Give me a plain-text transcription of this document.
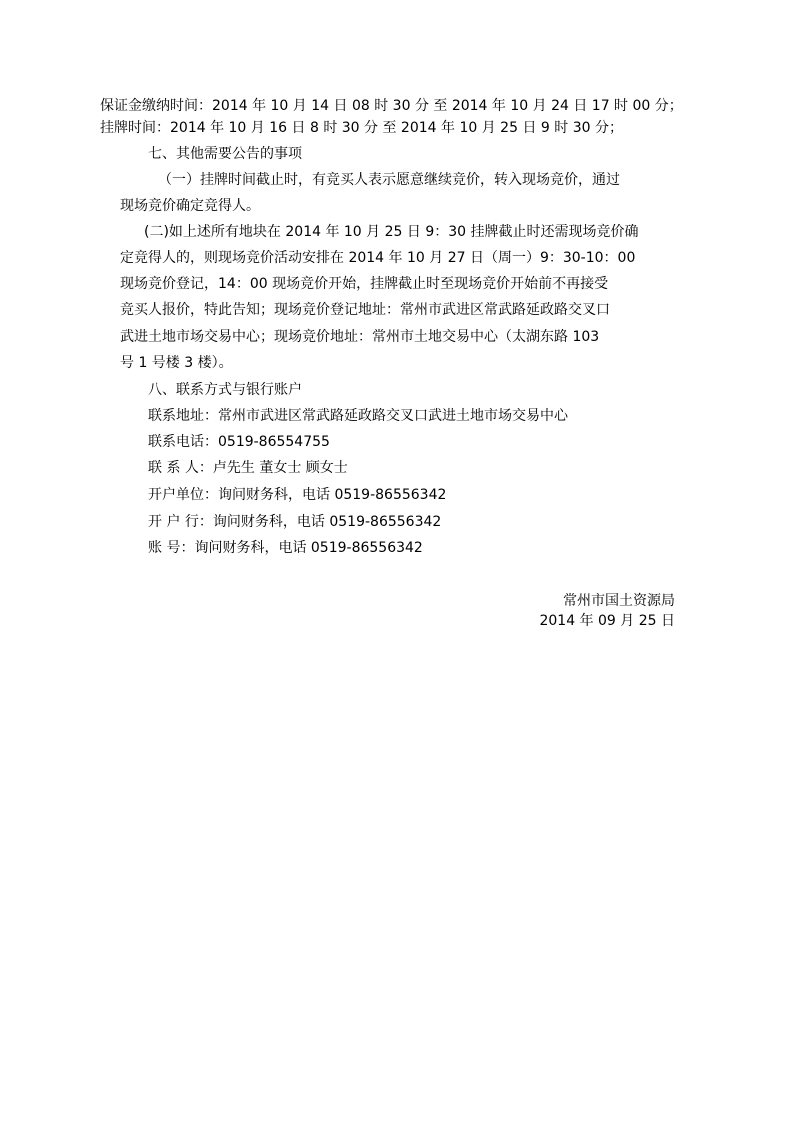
保证金缴纳时间：2014 年 10 月 14 日 08 时 30 分 至 2014 年 10 月 24 日 17 时 00 分；
挂牌时间：2014 年 10 月 16 日 8 时 30 分 至 2014 年 10 月 25 日 9 时 30 分；
七、其他需要公告的事项
（一）挂牌时间截止时，有竞买人表示愿意继续竞价，转入现场竞价，通过
现场竞价确定竞得人。
(二)如上述所有地块在 2014 年 10 月 25 日 9：30 挂牌截止时还需现场竞价确
定竞得人的，则现场竞价活动安排在 2014 年 10 月 27 日（周一）9：30-10：00
现场竞价登记，14：00 现场竞价开始，挂牌截止时至现场竞价开始前不再接受
竞买人报价，特此告知；现场竞价登记地址：常州市武进区常武路延政路交叉口
武进土地市场交易中心；现场竞价地址：常州市土地交易中心（太湖东路 103
号 1 号楼 3 楼）。
八、联系方式与银行账户
联系地址：常州市武进区常武路延政路交叉口武进土地市场交易中心
联系电话：0519-86554755
联 系 人：卢先生 董女士 顾女士
开户单位：询问财务科，电话 0519-86556342
开 户 行：询问财务科，电话 0519-86556342
账 号：询问财务科，电话 0519-86556342
常州市国土资源局
2014 年 09 月 25 日
